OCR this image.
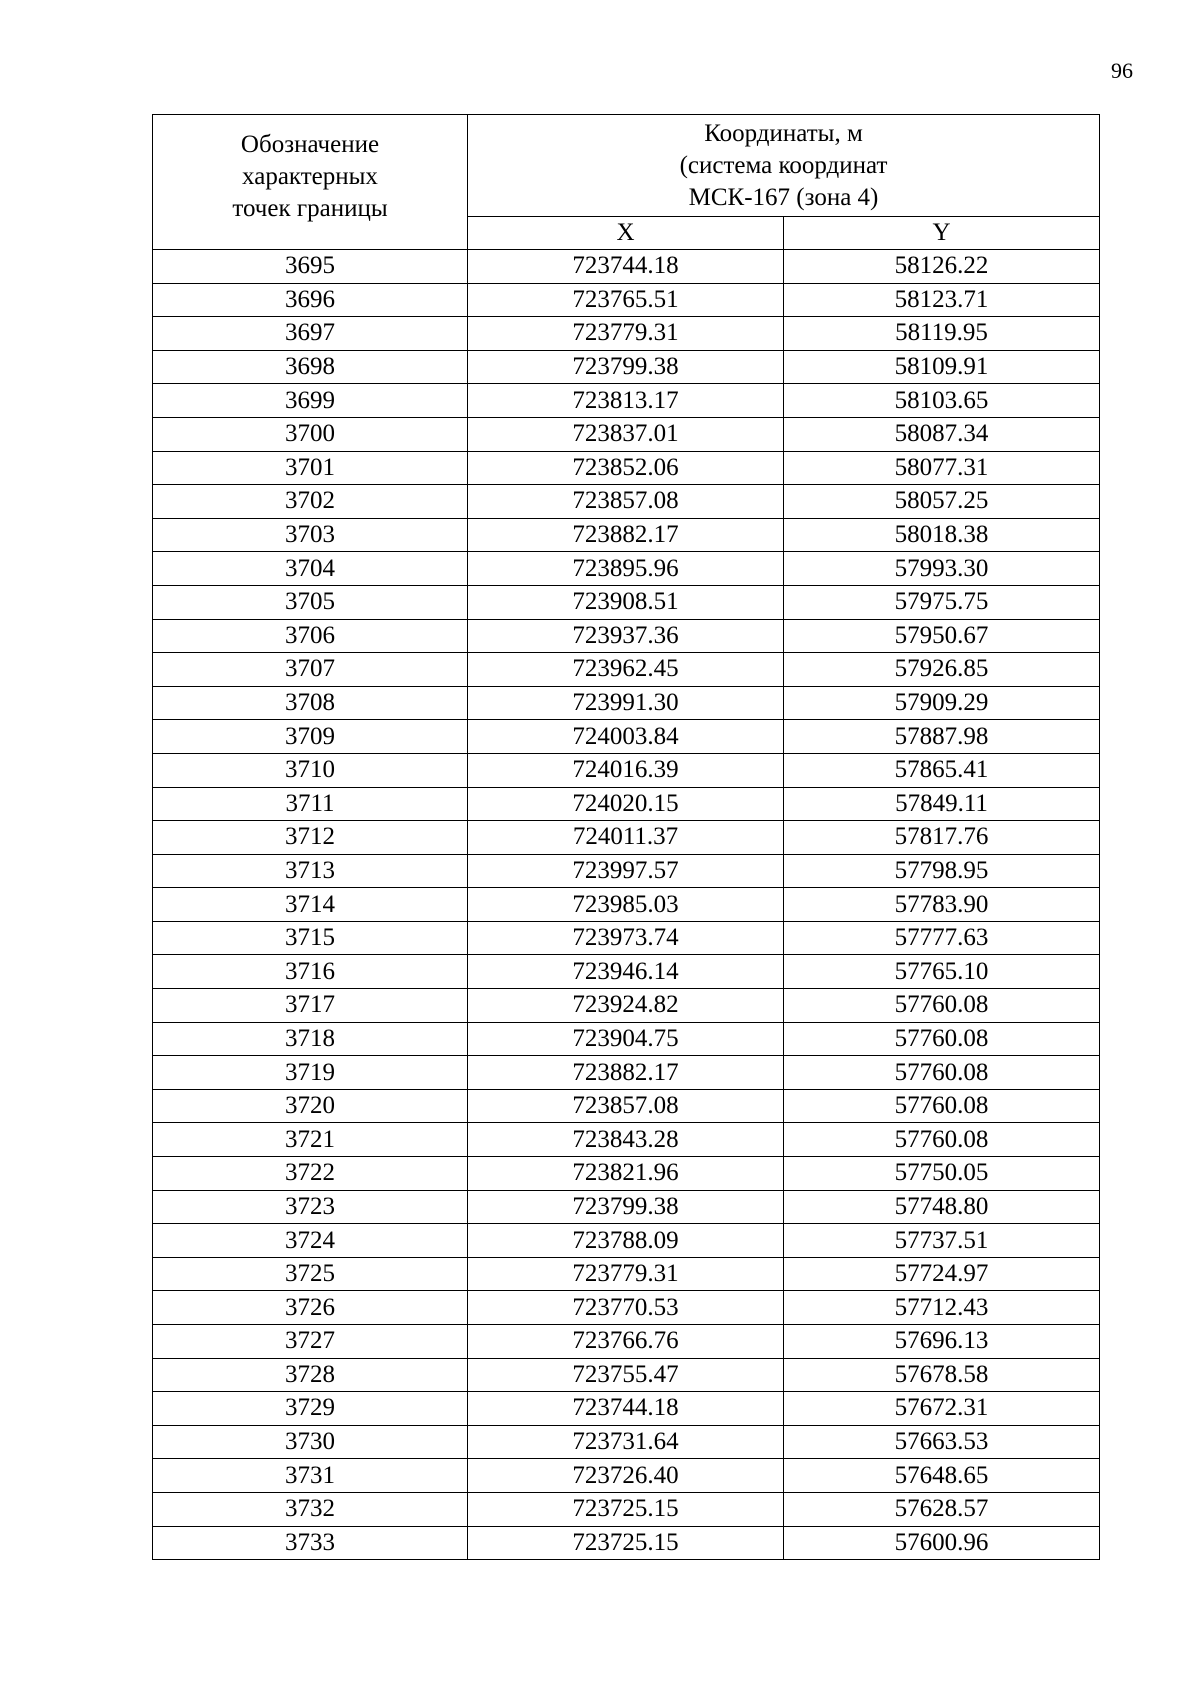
96
Обозначение
характерных
точек границы	Координаты, м
(система координат
МСК-167 (зона 4)	

	X	Y
3695	723744.18	58126.22
3696	723765.51	58123.71
3697	723779.31	58119.95
3698	723799.38	58109.91
3699	723813.17	58103.65
3700	723837.01	58087.34
3701	723852.06	58077.31
3702	723857.08	58057.25
3703	723882.17	58018.38
3704	723895.96	57993.30
3705	723908.51	57975.75
3706	723937.36	57950.67
3707	723962.45	57926.85
3708	723991.30	57909.29
3709	724003.84	57887.98
3710	724016.39	57865.41
3711	724020.15	57849.11
3712	724011.37	57817.76
3713	723997.57	57798.95
3714	723985.03	57783.90
3715	723973.74	57777.63
3716	723946.14	57765.10
3717	723924.82	57760.08
3718	723904.75	57760.08
3719	723882.17	57760.08
3720	723857.08	57760.08
3721	723843.28	57760.08
3722	723821.96	57750.05
3723	723799.38	57748.80
3724	723788.09	57737.51
3725	723779.31	57724.97
3726	723770.53	57712.43
3727	723766.76	57696.13
3728	723755.47	57678.58
3729	723744.18	57672.31
3730	723731.64	57663.53
3731	723726.40	57648.65
3732	723725.15	57628.57
3733	723725.15	57600.96
